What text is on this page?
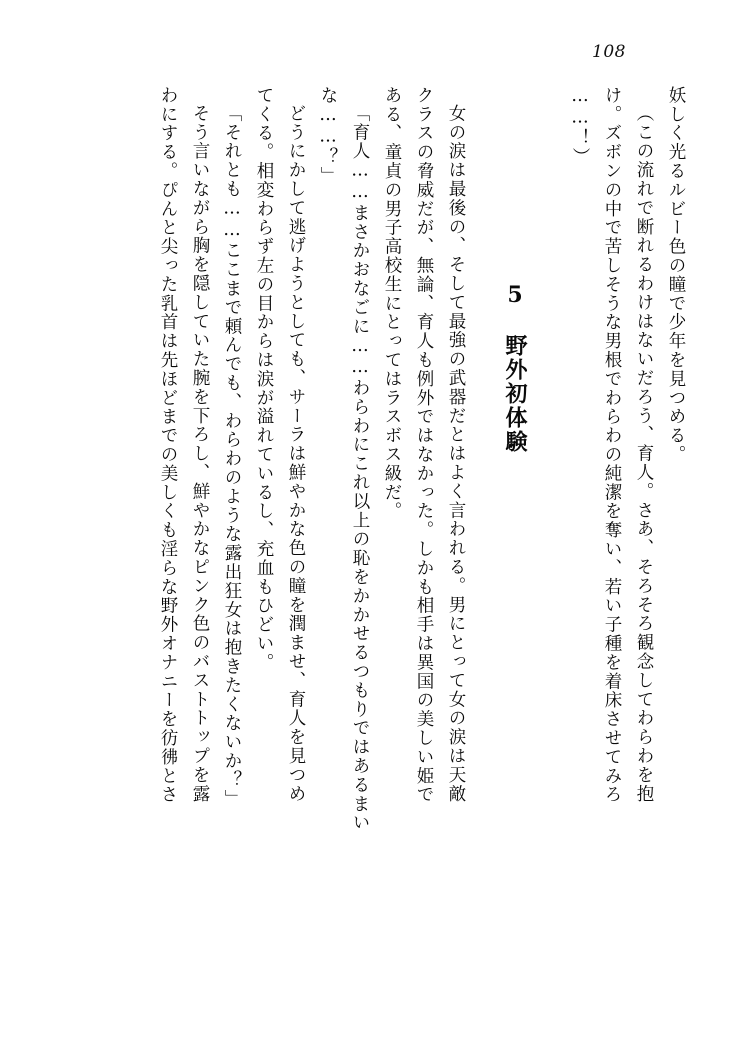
108
妖しく光るルビー色の瞳で少年を見つめる。
（この流れで断れるわけはないだろう、育人。さあ、そろそろ観念してわらわを抱
け。ズボンの中で苦しそうな男根でわらわの純潔を奪い、若い子種を着床させてみろ
……！）
5　野外初体験
女の涙は最後の、そして最強の武器だとはよく言われる。男にとって女の涙は天敵
クラスの脅威だが、無論、育人も例外ではなかった。しかも相手は異国の美しい姫で
ある、童貞の男子高校生にとってはラスボス級だ。
「育人……まさかおなごに……わらわにこれ以上の恥をかかせるつもりではあるまい
な……？」
どうにかして逃げようとしても、サーラは鮮やかな色の瞳を潤ませ、育人を見つめ
てくる。相変わらず左の目からは涙が溢れているし、充血もひどい。
「それとも……ここまで頼んでも、わらわのような露出狂女は抱きたくないか？」
そう言いながら胸を隠していた腕を下ろし、鮮やかなピンク色のバストトップを露
わにする。ぴんと尖った乳首は先ほどまでの美しくも淫らな野外オナニーを彷彿とさ
